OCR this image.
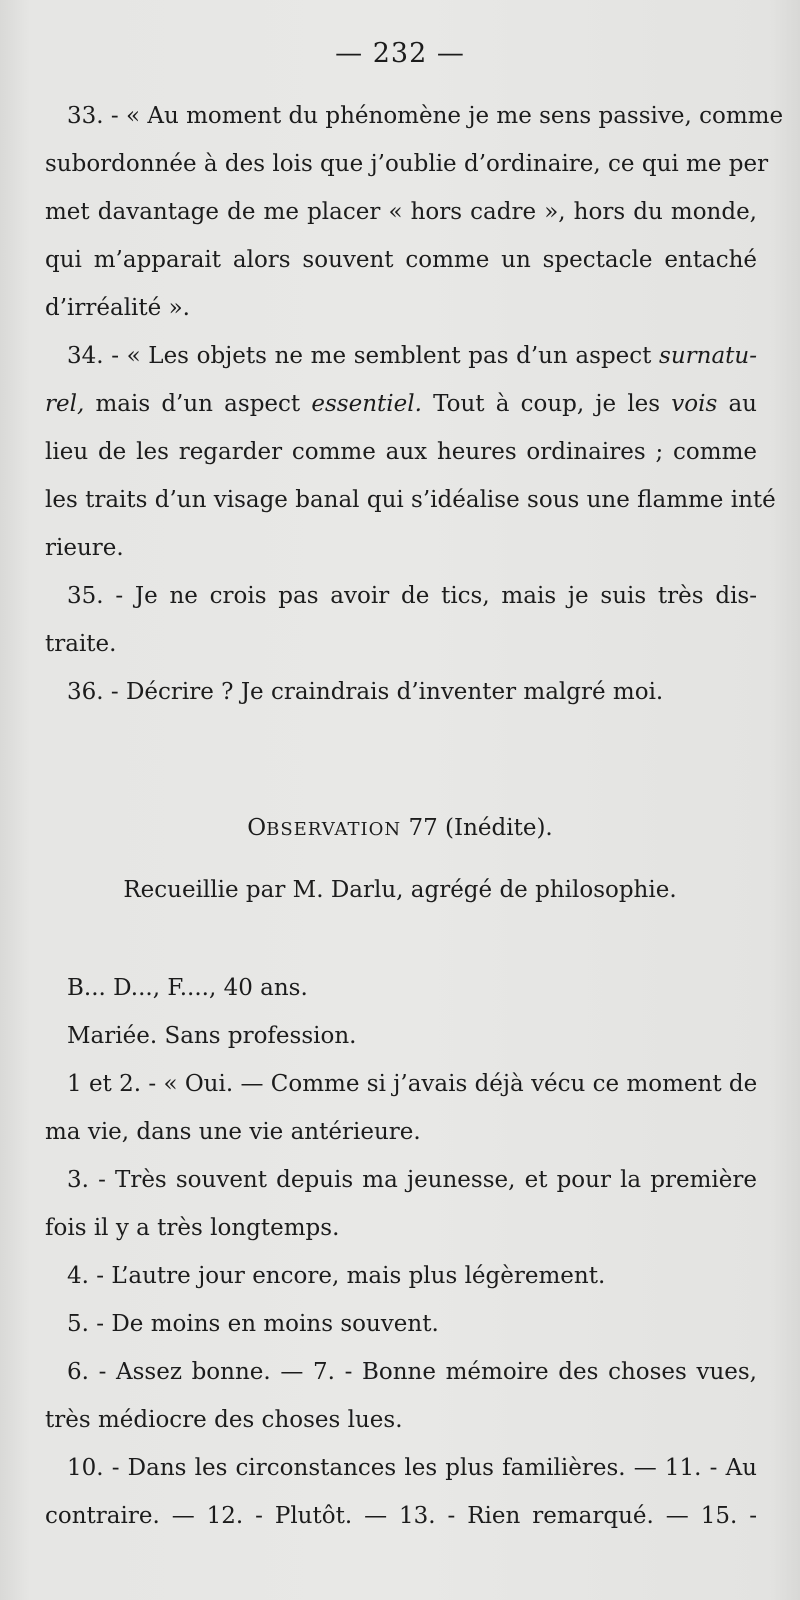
— 232 —
33. - « Au moment du phénomène je me sens passive, comme
subordonnée à des lois que j’oublie d’ordinaire, ce qui me per
met davantage de me placer « hors cadre », hors du monde,
qui m’apparait alors souvent comme un spectacle entaché
d’irréalité ».
34. - « Les objets ne me semblent pas d’un aspect surnatu-
rel, mais d’un aspect essentiel. Tout à coup, je les vois au
lieu de les regarder comme aux heures ordinaires ; comme
les traits d’un visage banal qui s’idéalise sous une flamme inté
rieure.
35. - Je ne crois pas avoir de tics, mais je suis très dis-
traite.
36. - Décrire ? Je craindrais d’inventer malgré moi.
OBSERVATION 77 (Inédite).
Recueillie par M. Darlu, agrégé de philosophie.
B... D..., F...., 40 ans.
Mariée. Sans profession.
1 et 2. - « Oui. — Comme si j’avais déjà vécu ce moment de
ma vie, dans une vie antérieure.
3. - Très souvent depuis ma jeunesse, et pour la première
fois il y a très longtemps.
4. - L’autre jour encore, mais plus légèrement.
5. - De moins en moins souvent.
6. - Assez bonne. — 7. - Bonne mémoire des choses vues,
très médiocre des choses lues.
10. - Dans les circonstances les plus familières. — 11. - Au
contraire. — 12. - Plutôt. — 13. - Rien remarqué. — 15. -
